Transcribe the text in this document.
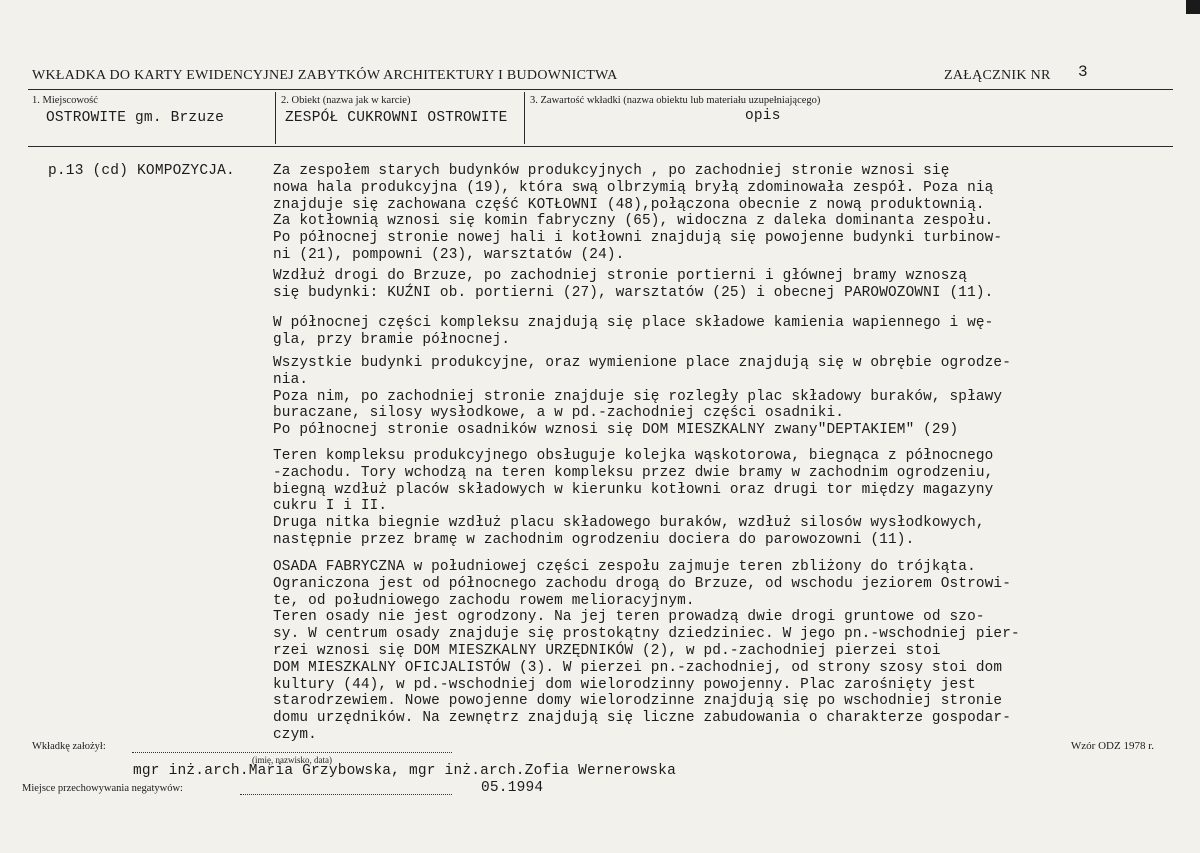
WKŁADKA DO KARTY EWIDENCYJNEJ ZABYTKÓW ARCHITEKTURY I BUDOWNICTWA	ZAŁĄCZNIK NR 3
1. Miejscowość
OSTROWITE gm. Brzuze
2. Obiekt (nazwa jak w karcie)
ZESPÓŁ CUKROWNI OSTROWITE
3. Zawartość wkładki (nazwa obiektu lub materiału uzupełniającego)
opis
p.13 (cd) KOMPOZYCJA.	Za zespołem starych budynków produkcyjnych , po zachodniej stronie wznosi się
nowa hala produkcyjna (19), która swą olbrzymią bryłą zdominowała zespół. Poza nią
znajduje się zachowana część KOTŁOWNI (48),połączona obecnie z nową produktownią.
Za kotłownią wznosi się komin fabryczny (65), widoczna z daleka dominanta zespołu.
Po północnej stronie nowej hali i kotłowni znajdują się powojenne budynki turbinow-
ni (21), pompowni (23), warsztatów (24).
Wzdłuż drogi do Brzuze, po zachodniej stronie portierni i głównej bramy wznoszą
się budynki: KUŹNI ob. portierni (27), warsztatów (25) i obecnej PAROWOZOWNI (11).
W północnej części kompleksu znajdują się place składowe kamienia wapiennego i wę-
gla, przy bramie północnej.
Wszystkie budynki produkcyjne, oraz wymienione place znajdują się w obrębie ogrodze-
nia.
Poza nim, po zachodniej stronie znajduje się rozległy plac składowy buraków, spławy
buraczane, silosy wysłodkowe, a w pd.-zachodniej części osadniki.
Po północnej stronie osadników wznosi się DOM MIESZKALNY zwany"DEPTAKIEM" (29)
Teren kompleksu produkcyjnego obsługuje kolejka wąskotorowa, biegnąca z północnego
-zachodu. Tory wchodzą na teren kompleksu przez dwie bramy w zachodnim ogrodzeniu,
biegną wzdłuż placów składowych w kierunku kotłowni oraz drugi tor między magazyny
cukru I i II.
Druga nitka biegnie wzdłuż placu składowego buraków, wzdłuż silosów wysłodkowych,
następnie przez bramę w zachodnim ogrodzeniu dociera do parowozowni (11).
OSADA FABRYCZNA w południowej części zespołu zajmuje teren zbliżony do trójkąta.
Ograniczona jest od północnego zachodu drogą do Brzuze, od wschodu jeziorem Ostrowi-
te, od południowego zachodu rowem melioracyjnym.
Teren osady nie jest ogrodzony. Na jej teren prowadzą dwie drogi gruntowe od szo-
sy. W centrum osady znajduje się prostokątny dziedziniec. W jego pn.-wschodniej pier-
rzei wznosi się DOM MIESZKALNY URZĘDNIKÓW (2), w pd.-zachodniej pierzei stoi
DOM MIESZKALNY OFICJALISTÓW (3). W pierzei pn.-zachodniej, od strony szosy stoi dom
kultury (44), w pd.-wschodniej dom wielorodzinny powojenny. Plac zarośnięty jest
starodrzewiem. Nowe powojenne domy wielorodzinne znajdują się po wschodniej stronie
domu urzędników. Na zewnętrz znajdują się liczne zabudowania o charakterze gospodar-
czym.
Wkładkę założył:
(imię, nazwisko, data)
mgr inż.arch.Maria Grzybowska, mgr inż.arch.Zofia Wernerowska
Miejsce przechowywania negatywów:	05.1994
Wzór ODZ 1978 r.
